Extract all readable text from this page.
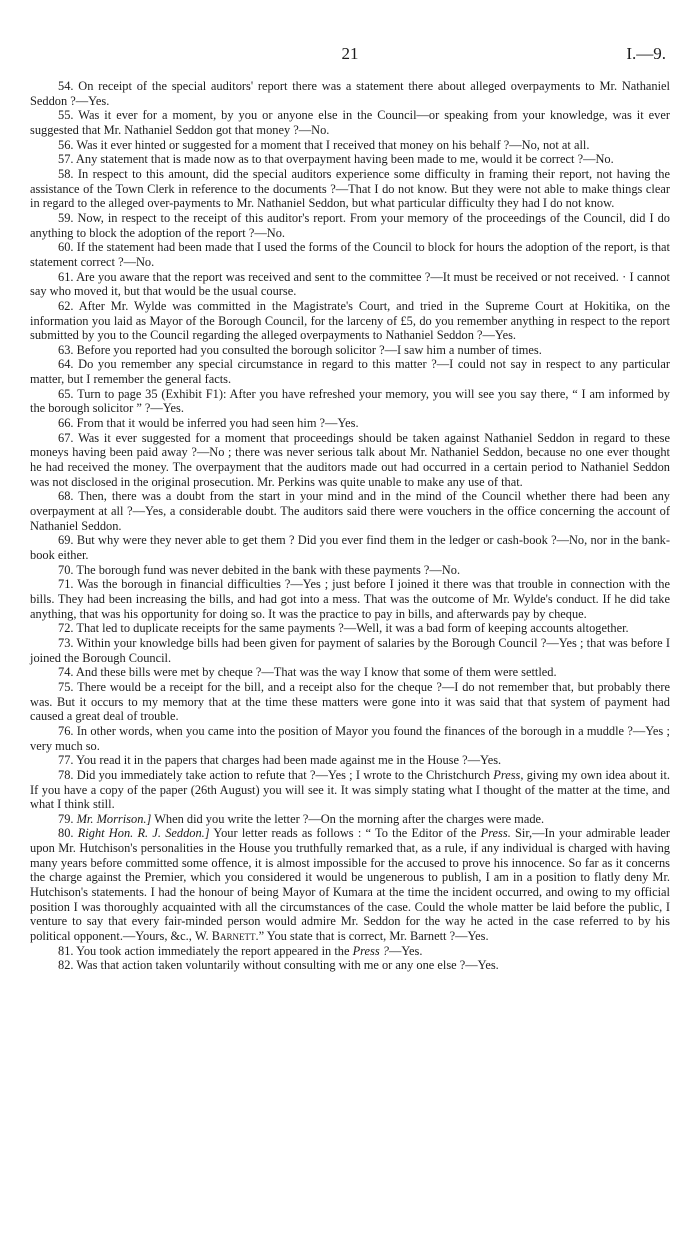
21	I.—9.

54. On receipt of the special auditors' report there was a statement there about alleged overpayments to Mr. Nathaniel Seddon ?—Yes.

55. Was it ever for a moment, by you or anyone else in the Council—or speaking from your knowledge, was it ever suggested that Mr. Nathaniel Seddon got that money ?—No.

56. Was it ever hinted or suggested for a moment that I received that money on his behalf ?—No, not at all.

57. Any statement that is made now as to that overpayment having been made to me, would it be correct ?—No.

58. In respect to this amount, did the special auditors experience some difficulty in framing their report, not having the assistance of the Town Clerk in reference to the documents ?—That I do not know. But they were not able to make things clear in regard to the alleged over-payments to Mr. Nathaniel Seddon, but what particular difficulty they had I do not know.

59. Now, in respect to the receipt of this auditor's report. From your memory of the proceedings of the Council, did I do anything to block the adoption of the report ?—No.

60. If the statement had been made that I used the forms of the Council to block for hours the adoption of the report, is that statement correct ?—No.

61. Are you aware that the report was received and sent to the committee ?—It must be received or not received. · I cannot say who moved it, but that would be the usual course.

62. After Mr. Wylde was committed in the Magistrate's Court, and tried in the Supreme Court at Hokitika, on the information you laid as Mayor of the Borough Council, for the larceny of £5, do you remember anything in respect to the report submitted by you to the Council regarding the alleged overpayments to Nathaniel Seddon ?—Yes.

63. Before you reported had you consulted the borough solicitor ?—I saw him a number of times.

64. Do you remember any special circumstance in regard to this matter ?—I could not say in respect to any particular matter, but I remember the general facts.

65. Turn to page 35 (Exhibit F1): After you have refreshed your memory, you will see you say there, “ I am informed by the borough solicitor ” ?—Yes.

66. From that it would be inferred you had seen him ?—Yes.

67. Was it ever suggested for a moment that proceedings should be taken against Nathaniel Seddon in regard to these moneys having been paid away ?—No ; there was never serious talk about Mr. Nathaniel Seddon, because no one ever thought he had received the money. The overpayment that the auditors made out had occurred in a certain period to Nathaniel Seddon was not disclosed in the original prosecution. Mr. Perkins was quite unable to make any use of that.

68. Then, there was a doubt from the start in your mind and in the mind of the Council whether there had been any overpayment at all ?—Yes, a considerable doubt. The auditors said there were vouchers in the office concerning the account of Nathaniel Seddon.

69. But why were they never able to get them ? Did you ever find them in the ledger or cash-book ?—No, nor in the bank-book either.

70. The borough fund was never debited in the bank with these payments ?—No.

71. Was the borough in financial difficulties ?—Yes ; just before I joined it there was that trouble in connection with the bills. They had been increasing the bills, and had got into a mess. That was the outcome of Mr. Wylde's conduct. If he did take anything, that was his opportunity for doing so. It was the practice to pay in bills, and afterwards pay by cheque.

72. That led to duplicate receipts for the same payments ?—Well, it was a bad form of keeping accounts altogether.

73. Within your knowledge bills had been given for payment of salaries by the Borough Council ?—Yes ; that was before I joined the Borough Council.

74. And these bills were met by cheque ?—That was the way I know that some of them were settled.

75. There would be a receipt for the bill, and a receipt also for the cheque ?—I do not remember that, but probably there was. But it occurs to my memory that at the time these matters were gone into it was said that that system of payment had caused a great deal of trouble.

76. In other words, when you came into the position of Mayor you found the finances of the borough in a muddle ?—Yes ; very much so.

77. You read it in the papers that charges had been made against me in the House ?—Yes.

78. Did you immediately take action to refute that ?—Yes ; I wrote to the Christchurch Press, giving my own idea about it. If you have a copy of the paper (26th August) you will see it. It was simply stating what I thought of the matter at the time, and what I think still.

79. Mr. Morrison.] When did you write the letter ?—On the morning after the charges were made.

80. Right Hon. R. J. Seddon.] Your letter reads as follows : “ To the Editor of the Press. Sir,—In your admirable leader upon Mr. Hutchison's personalities in the House you truthfully remarked that, as a rule, if any individual is charged with having many years before committed some offence, it is almost impossible for the accused to prove his innocence. So far as it concerns the charge against the Premier, which you considered it would be ungenerous to publish, I am in a position to flatly deny Mr. Hutchison's statements. I had the honour of being Mayor of Kumara at the time the incident occurred, and owing to my official position I was thoroughly acquainted with all the circumstances of the case. Could the whole matter be laid before the public, I venture to say that every fair-minded person would admire Mr. Seddon for the way he acted in the case referred to by his political opponent.—Yours, &c., W. Barnett.” You state that is correct, Mr. Barnett ?—Yes.

81. You took action immediately the report appeared in the Press ?—Yes.

82. Was that action taken voluntarily without consulting with me or any one else ?—Yes.
